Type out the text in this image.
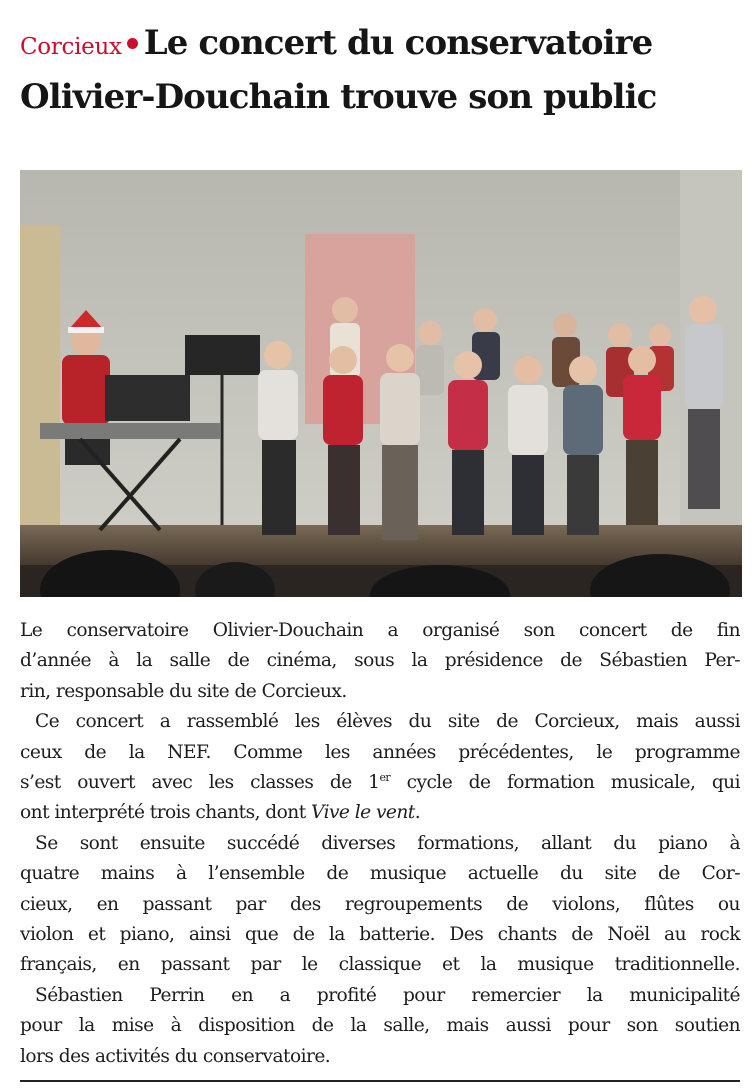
Corcieux Le concert du conservatoire
Olivier-Douchain trouve son public
Le conservatoire Olivier-Douchain a organisé son concert de fin
d’année à la salle de cinéma, sous la présidence de Sébastien Per-
rin, responsable du site de Corcieux.
Ce concert a rassemblé les élèves du site de Corcieux, mais aussi
ceux de la NEF. Comme les années précédentes, le programme
s’est ouvert avec les classes de 1er cycle de formation musicale, qui
ont interprété trois chants, dont Vive le vent.
Se sont ensuite succédé diverses formations, allant du piano à
quatre mains à l’ensemble de musique actuelle du site de Cor-
cieux, en passant par des regroupements de violons, flûtes ou
violon et piano, ainsi que de la batterie. Des chants de Noël au rock
français, en passant par le classique et la musique traditionnelle.
Sébastien Perrin en a profité pour remercier la municipalité
pour la mise à disposition de la salle, mais aussi pour son soutien
lors des activités du conservatoire.
